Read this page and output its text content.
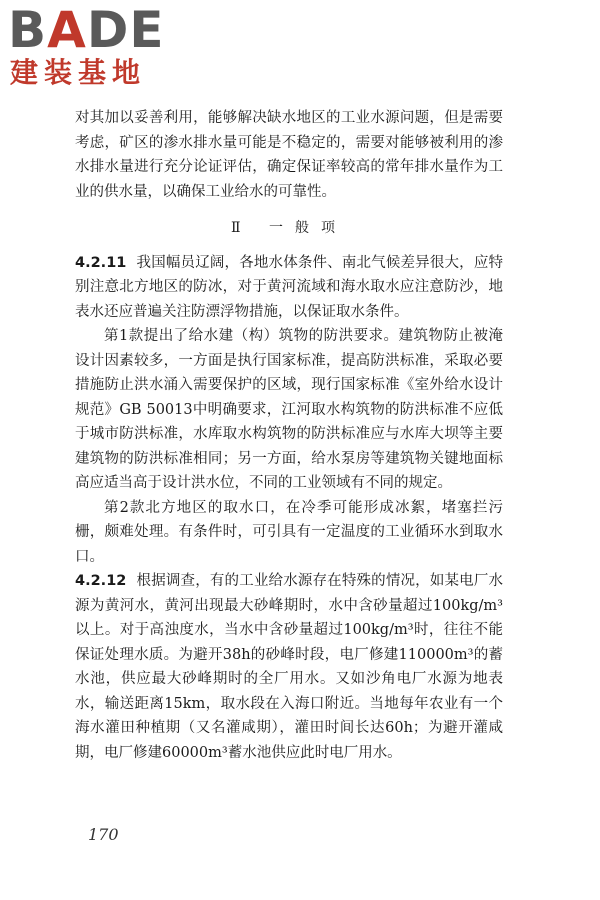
BADE
建装基地

对其加以妥善利用，能够解决缺水地区的工业水源问题，但是需要考虑，矿区的渗水排水量可能是不稳定的，需要对能够被利用的渗水排水量进行充分论证评估，确定保证率较高的常年排水量作为工业的供水量，以确保工业给水的可靠性。

Ⅱ 一般项

4.2.11 我国幅员辽阔，各地水体条件、南北气候差异很大，应特别注意北方地区的防冰，对于黄河流域和海水取水应注意防沙，地表水还应普遍关注防漂浮物措施，以保证取水条件。

第1款提出了给水建（构）筑物的防洪要求。建筑物防止被淹设计因素较多，一方面是执行国家标准，提高防洪标准，采取必要措施防止洪水涌入需要保护的区域，现行国家标准《室外给水设计规范》GB 50013中明确要求，江河取水构筑物的防洪标准不应低于城市防洪标准，水库取水构筑物的防洪标准应与水库大坝等主要建筑物的防洪标准相同；另一方面，给水泵房等建筑物关键地面标高应适当高于设计洪水位，不同的工业领域有不同的规定。

第2款北方地区的取水口，在冷季可能形成冰絮，堵塞拦污栅，颇难处理。有条件时，可引具有一定温度的工业循环水到取水口。

4.2.12 根据调查，有的工业给水源存在特殊的情况，如某电厂水源为黄河水，黄河出现最大砂峰期时，水中含砂量超过100kg/m³以上。对于高浊度水，当水中含砂量超过100kg/m³时，往往不能保证处理水质。为避开38h的砂峰时段，电厂修建110000m³的蓄水池，供应最大砂峰期时的全厂用水。又如沙角电厂水源为地表水，输送距离15km，取水段在入海口附近。当地每年农业有一个海水灌田种植期（又名灌咸期），灌田时间长达60h；为避开灌咸期，电厂修建60000m³蓄水池供应此时电厂用水。

170
